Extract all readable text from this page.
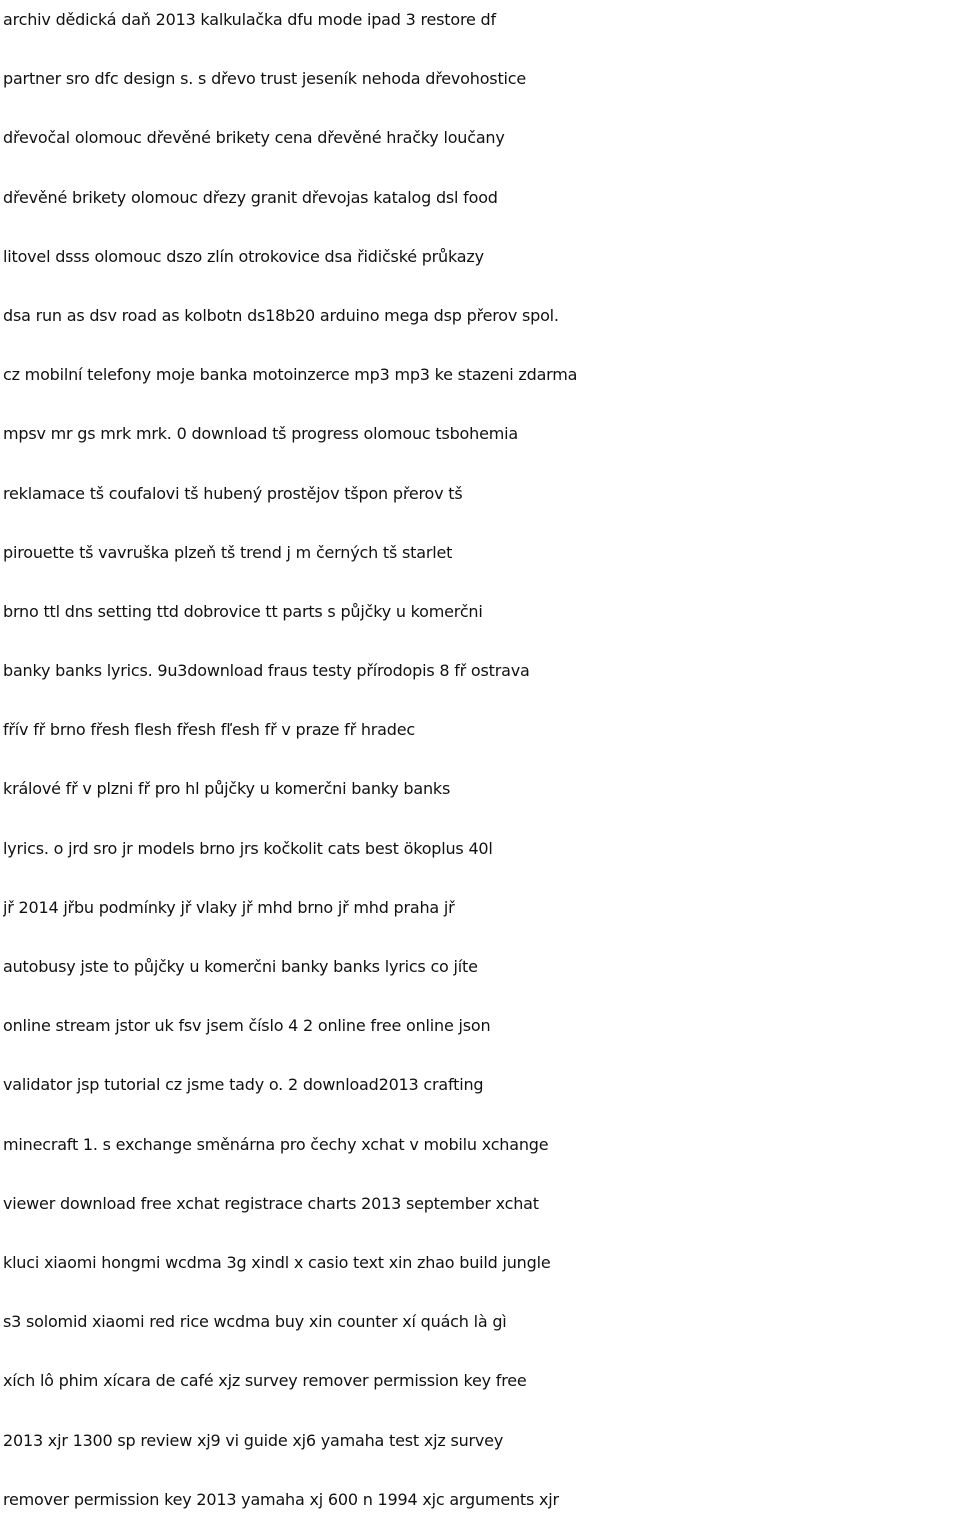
archiv dědická daň 2013 kalkulačka dfu mode ipad 3 restore df
partner sro dfc design s. s dřevo trust jeseník nehoda dřevohostice
dřevočal olomouc dřevěné brikety cena dřevěné hračky loučany
dřevěné brikety olomouc dřezy granit dřevojas katalog dsl food
litovel dsss olomouc dszo zlín otrokovice dsa řidičské průkazy
dsa run as dsv road as kolbotn ds18b20 arduino mega dsp přerov spol.
cz mobilní telefony moje banka motoinzerce mp3 mp3 ke stazeni zdarma
mpsv mr gs mrk mrk. 0 download tš progress olomouc tsbohemia
reklamace tš coufalovi tš hubený prostějov tšpon přerov tš
pirouette tš vavruška plzeň tš trend j m černých tš starlet
brno ttl dns setting ttd dobrovice tt parts s půjčky u komerčni
banky banks lyrics. 9u3download fraus testy přírodopis 8 fř ostrava
fřív fř brno fřesh flesh fřesh fľesh fř v praze fř hradec
králové fř v plzni fř pro hl půjčky u komerčni banky banks
lyrics. o jrd sro jr models brno jrs kočkolit cats best ökoplus 40l
jř 2014 jřbu podmínky jř vlaky jř mhd brno jř mhd praha jř
autobusy jste to půjčky u komerčni banky banks lyrics co jíte
online stream jstor uk fsv jsem číslo 4 2 online free online json
validator jsp tutorial cz jsme tady o. 2 download2013 crafting
minecraft 1. s exchange směnárna pro čechy xchat v mobilu xchange
viewer download free xchat registrace charts 2013 september xchat
kluci xiaomi hongmi wcdma 3g xindl x casio text xin zhao build jungle
s3 solomid xiaomi red rice wcdma buy xin counter xí quách là gì
xích lô phim xícara de café xjz survey remover permission key free
2013 xjr 1300 sp review xj9 vi guide xj6 yamaha test xjz survey
remover permission key 2013 yamaha xj 600 n 1994 xjc arguments xjr
